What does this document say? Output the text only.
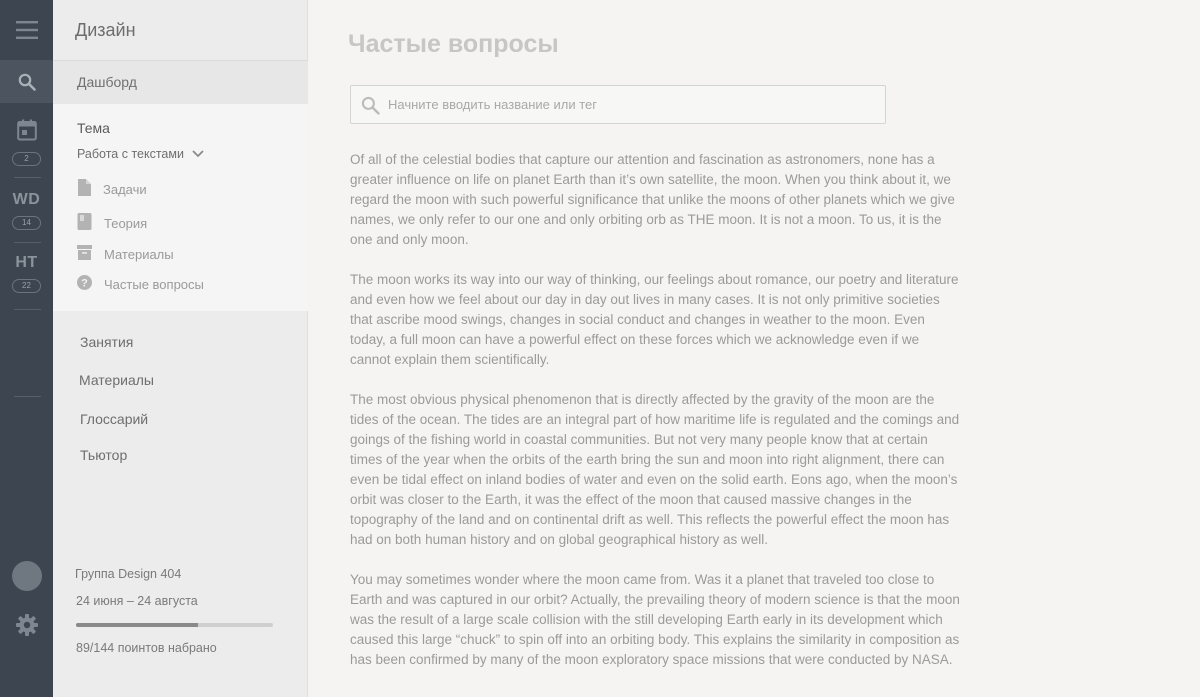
2
WD
14
HT
22
Дизайн
Дашборд
Тема
Работа с текстами
Задачи
Теория
Материалы
? Частые вопросы
Занятия
Материалы
Глоссарий
Тьютор
Группа Design 404
24 июня – 24 августа
89/144 поинтов набрано
Частые вопросы
Начните вводить название или тег

Of all of the celestial bodies that capture our attention and fascination as astronomers, none has a greater influence on life on planet Earth than it’s own satellite, the moon. When you think about it, we regard the moon with such powerful significance that unlike the moons of other planets which we give names, we only refer to our one and only orbiting orb as THE moon. It is not a moon. To us, it is the one and only moon.

The moon works its way into our way of thinking, our feelings about romance, our poetry and literature and even how we feel about our day in day out lives in many cases. It is not only primitive societies that ascribe mood swings, changes in social conduct and changes in weather to the moon. Even today, a full moon can have a powerful effect on these forces which we acknowledge even if we cannot explain them scientifically.

The most obvious physical phenomenon that is directly affected by the gravity of the moon are the tides of the ocean. The tides are an integral part of how maritime life is regulated and the comings and goings of the fishing world in coastal communities. But not very many people know that at certain times of the year when the orbits of the earth bring the sun and moon into right alignment, there can even be tidal effect on inland bodies of water and even on the solid earth. Eons ago, when the moon’s orbit was closer to the Earth, it was the effect of the moon that caused massive changes in the topography of the land and on continental drift as well. This reflects the powerful effect the moon has had on both human history and on global geographical history as well.

You may sometimes wonder where the moon came from. Was it a planet that traveled too close to Earth and was captured in our orbit? Actually, the prevailing theory of modern science is that the moon was the result of a large scale collision with the still developing Earth early in its development which caused this large “chuck” to spin off into an orbiting body. This explains the similarity in composition as has been confirmed by many of the moon exploratory space missions that were conducted by NASA.
